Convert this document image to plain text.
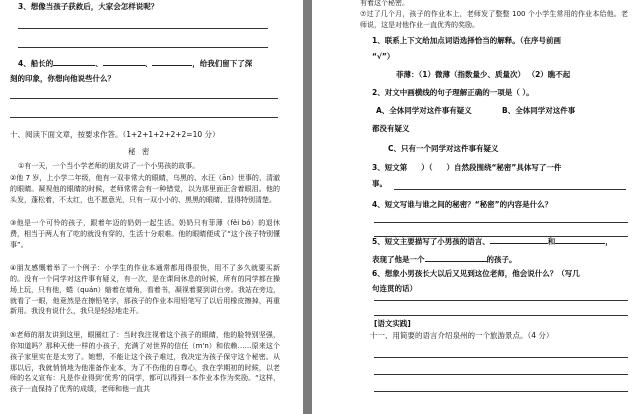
3、想像当孩子获救后，大家会怎样说呢？
4、船长的	、	、	，给我们留下了深
刻的印象，你想向他说些什么？
十、阅读下面文章，按要求作答。（1+2+1+2+2+2=10 分）
秘 密
①有一天，一个当小学老师的朋友讲了一个小男孩的故事。
②他 7 岁，上小学二年级，他有一双非常大的眼睛，乌黑的、水汪（ān）世事的、清澈的眼睛。凝视他的眼睛的时候，老师常常会有一种错觉，以为那里面正含着眼泪。他的头发，蓬松着，不太红，也不愿意光，只有一双小小的、黑黑的眼睛，显得特别清楚。
③他是一个可怜的孩子，跟着年迈的奶奶一起生活。奶奶只有菲薄（fěi bó）的退休费，相当于两人有了吃的就没有穿的，生活十分艰难。他的眼睛便成了“这个孩子特别懂事”。
④朋友感慨着举了一个例子：小学生的作业本通常都用得很快，用不了多久就要买新的。没有一个同学对这件事有疑义，有一次，是在课间休息的时候，所有的同学都在操场上玩，只有他，蜷（quán）缩着在墙角，看着书，凝视着要到讲台旁。我站在旁边，就看了一眼，他竟然是在擦铅笔字，那孩子的作业本用铅笔写了以后用橡皮擦掉，再重新用。我没有说什么，我只是轻轻地走开。
⑤老师的朋友讲到这里，眼圈红了：当时我注视着这个孩子的眼睛，他的脸特别坚强，你知道吗？那种天使一样的小孩子，充满了对世界的信任（m'n）和依赖……原来这个孩子家里实在是太穷了。她想，不能让这个孩子难过，我决定为孩子保守这个秘密。从那以后，我就悄悄地为他准备作业本，为了不伤他的自尊心，我在学期初的时候，以老师的名义宣布：凡是作业得到‘优秀’的同学，都可以得到一本作业本作为奖励。“这样，孩子一直保持了优秀的成绩，老师和他一直共
有着这个秘密。
⑦过了几个月，孩子的作业本上，老师发了整整 100 个小学生常用的作业本给他。老师说，这是对他作业一直优秀的奖励。
1、联系上下文给加点词语选择恰当的解释。（在序号前画
“√”）
菲薄：（1）微薄（指数量少、质量次） （2）瞧不起
2、对文中画横线的句子理解正确的一项是（ ）。
A、全体同学对这件事有疑义	B、全体同学对这件事
都没有疑义
C、只有一个同学对这件事有疑义
3、短文第 ）（ ）自然段围绕“秘密”具体写了一件
事。
4、短文写谁与谁之间的秘密？“秘密”的内容是什么？
5、短文主要描写了小男孩的语言、	和	，
表现了他是一个	的孩子。
6、想象小男孩长大以后又见到这位老师，他会说什么？（写几
句连贯的话）
[语文实践]
十一、用简要的语言介绍泉州的一个旅游景点。（4 分）
